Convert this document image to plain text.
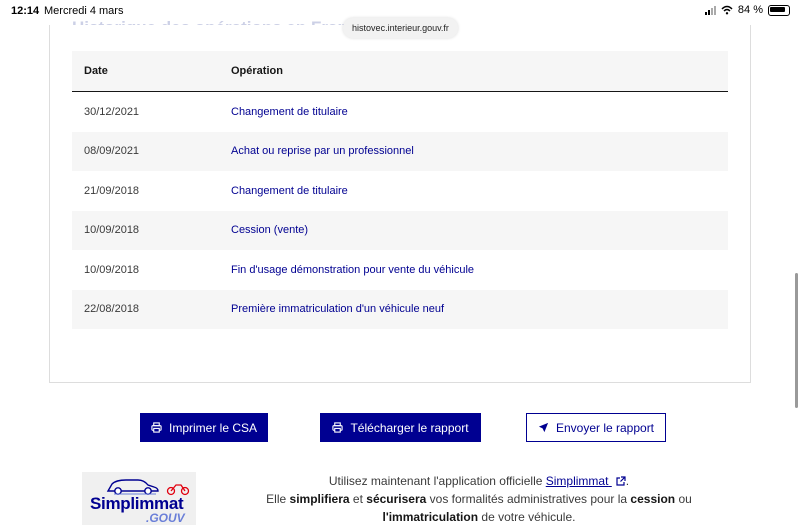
12:14 Mercredi 4 mars	84 %
histovec.interieur.gouv.fr
Date	Opération
30/12/2021	Changement de titulaire
08/09/2021	Achat ou reprise par un professionnel
21/09/2018	Changement de titulaire
10/09/2018	Cession (vente)
10/09/2018	Fin d'usage démonstration pour vente du véhicule
22/08/2018	Première immatriculation d'un véhicule neuf
Imprimer le CSA	Télécharger le rapport	Envoyer le rapport
Simplimmat
.GOUV
Utilisez maintenant l'application officielle Simplimmat .
Elle simplifiera et sécurisera vos formalités administratives pour la cession ou
l'immatriculation de votre véhicule.
